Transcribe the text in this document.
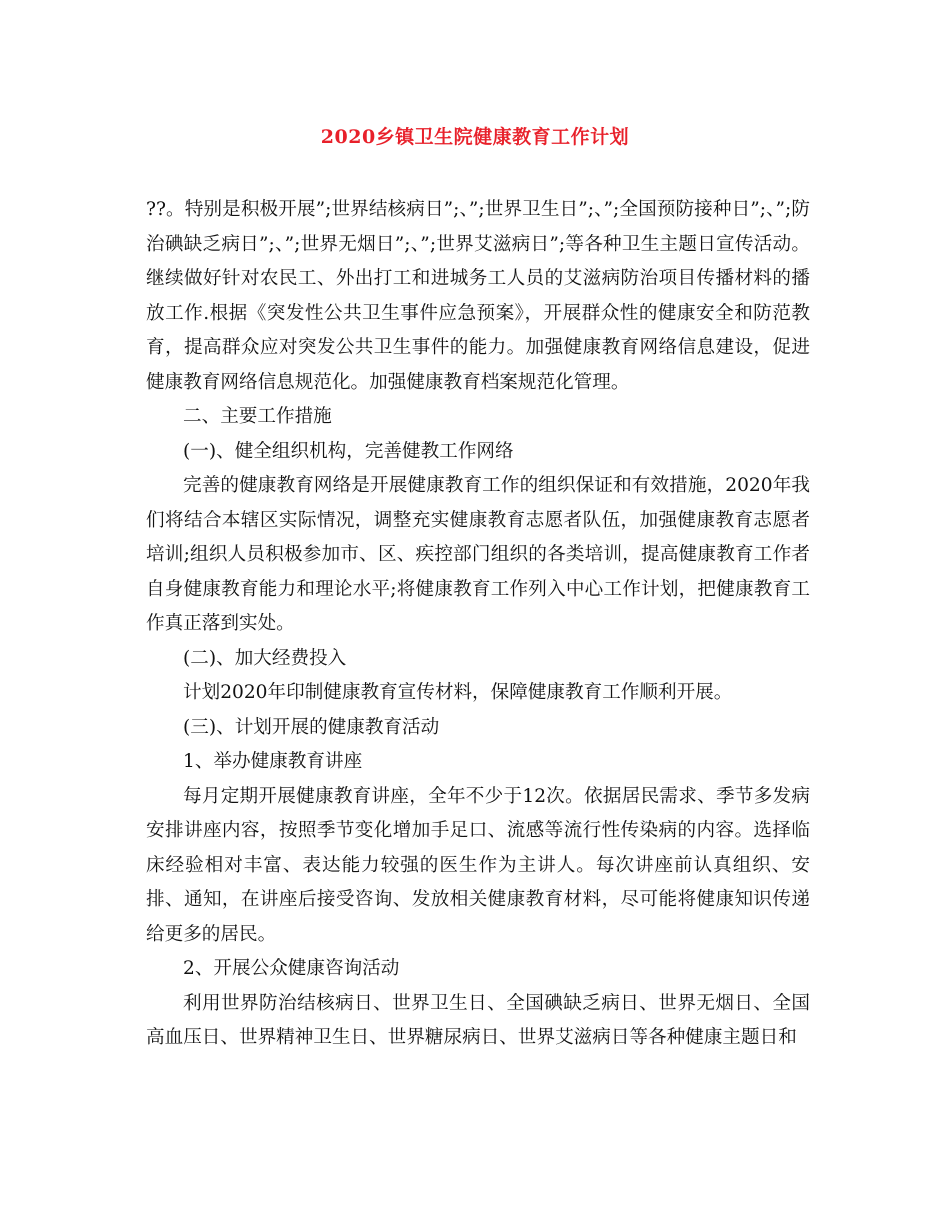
2020乡镇卫生院健康教育工作计划

??。特别是积极开展”;世界结核病日”;、”;世界卫生日”;、”;全国预防接种日”;、”;防治碘缺乏病日”;、”;世界无烟日”;、”;世界艾滋病日”;等各种卫生主题日宣传活动。继续做好针对农民工、外出打工和进城务工人员的艾滋病防治项目传播材料的播放工作.根据《突发性公共卫生事件应急预案》，开展群众性的健康安全和防范教育，提高群众应对突发公共卫生事件的能力。加强健康教育网络信息建设，促进健康教育网络信息规范化。加强健康教育档案规范化管理。

二、主要工作措施

(一)、健全组织机构，完善健教工作网络

完善的健康教育网络是开展健康教育工作的组织保证和有效措施，2020年我们将结合本辖区实际情况，调整充实健康教育志愿者队伍，加强健康教育志愿者培训;组织人员积极参加市、区、疾控部门组织的各类培训，提高健康教育工作者自身健康教育能力和理论水平;将健康教育工作列入中心工作计划，把健康教育工作真正落到实处。

(二)、加大经费投入

计划2020年印制健康教育宣传材料，保障健康教育工作顺利开展。

(三)、计划开展的健康教育活动

1、举办健康教育讲座

每月定期开展健康教育讲座，全年不少于12次。依据居民需求、季节多发病安排讲座内容，按照季节变化增加手足口、流感等流行性传染病的内容。选择临床经验相对丰富、表达能力较强的医生作为主讲人。每次讲座前认真组织、安排、通知，在讲座后接受咨询、发放相关健康教育材料，尽可能将健康知识传递给更多的居民。

2、开展公众健康咨询活动

利用世界防治结核病日、世界卫生日、全国碘缺乏病日、世界无烟日、全国高血压日、世界精神卫生日、世界糖尿病日、世界艾滋病日等各种健康主题日和
